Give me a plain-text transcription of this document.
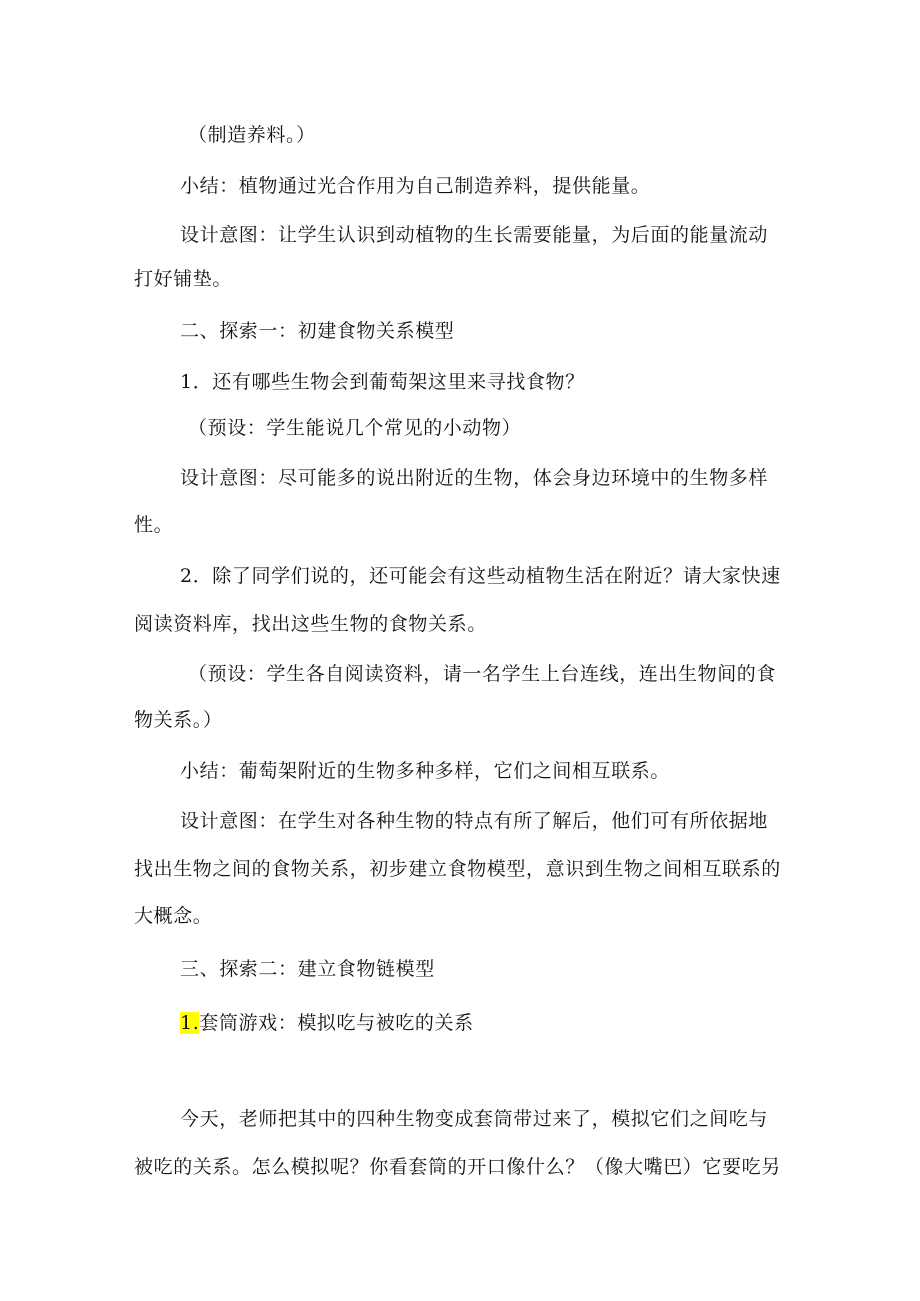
（制造养料。）
小结：植物通过光合作用为自己制造养料，提供能量。
设计意图：让学生认识到动植物的生长需要能量，为后面的能量流动
打好铺垫。
二、探索一：初建食物关系模型
1．还有哪些生物会到葡萄架这里来寻找食物？
（预设：学生能说几个常见的小动物）
设计意图：尽可能多的说出附近的生物，体会身边环境中的生物多样
性。
2．除了同学们说的，还可能会有这些动植物生活在附近？请大家快速
阅读资料库，找出这些生物的食物关系。
（预设：学生各自阅读资料，请一名学生上台连线，连出生物间的食
物关系。）
小结：葡萄架附近的生物多种多样，它们之间相互联系。
设计意图：在学生对各种生物的特点有所了解后，他们可有所依据地
找出生物之间的食物关系，初步建立食物模型，意识到生物之间相互联系的
大概念。
三、探索二：建立食物链模型
1.套筒游戏：模拟吃与被吃的关系
今天，老师把其中的四种生物变成套筒带过来了，模拟它们之间吃与
被吃的关系。怎么模拟呢？你看套筒的开口像什么？（像大嘴巴）它要吃另
